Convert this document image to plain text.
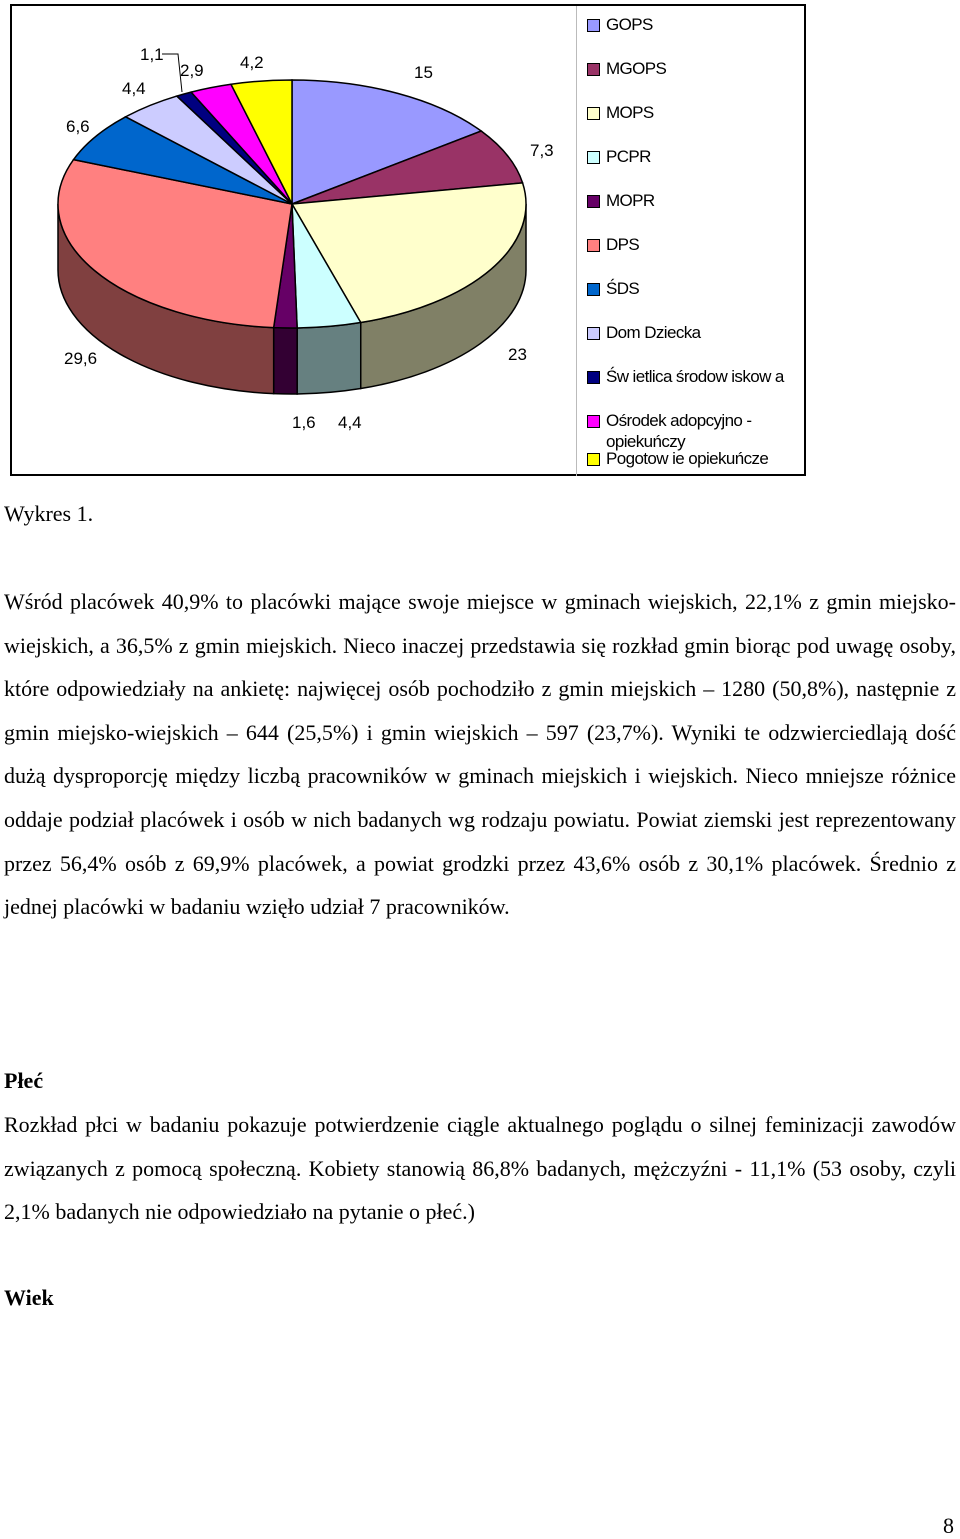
15
7,3
23
4,4
1,6
29,6
6,6
4,4
1,1
2,9 4,2
GOPS
MGOPS
MOPS
PCPR
MOPR
DPS
ŚDS
Dom Dziecka
Św ietlica środow iskow a
Ośrodek adopcyjno - opiekuńczy
Pogotow ie opiekuńcze
Wykres 1.

Wśród placówek 40,9% to placówki mające swoje miejsce w gminach wiejskich, 22,1% z gmin miejsko-wiejskich, a 36,5% z gmin miejskich. Nieco inaczej przedstawia się rozkład gmin biorąc pod uwagę osoby, które odpowiedziały na ankietę: najwięcej osób pochodziło z gmin miejskich – 1280 (50,8%), następnie z gmin miejsko-wiejskich – 644 (25,5%) i gmin wiejskich – 597 (23,7%). Wyniki te odzwierciedlają dość dużą dysproporcję między liczbą pracowników w gminach miejskich i wiejskich. Nieco mniejsze różnice oddaje podział placówek i osób w nich badanych wg rodzaju powiatu. Powiat ziemski jest reprezentowany przez 56,4% osób z 69,9% placówek, a powiat grodzki przez 43,6% osób z 30,1% placówek. Średnio z jednej placówki w badaniu wzięło udział 7 pracowników.

Płeć

Rozkład płci w badaniu pokazuje potwierdzenie ciągle aktualnego poglądu o silnej feminizacji zawodów związanych z pomocą społeczną. Kobiety stanowią 86,8% badanych, mężczyźni - 11,1% (53 osoby, czyli 2,1% badanych nie odpowiedziało na pytanie o płeć.)

Wiek
8
